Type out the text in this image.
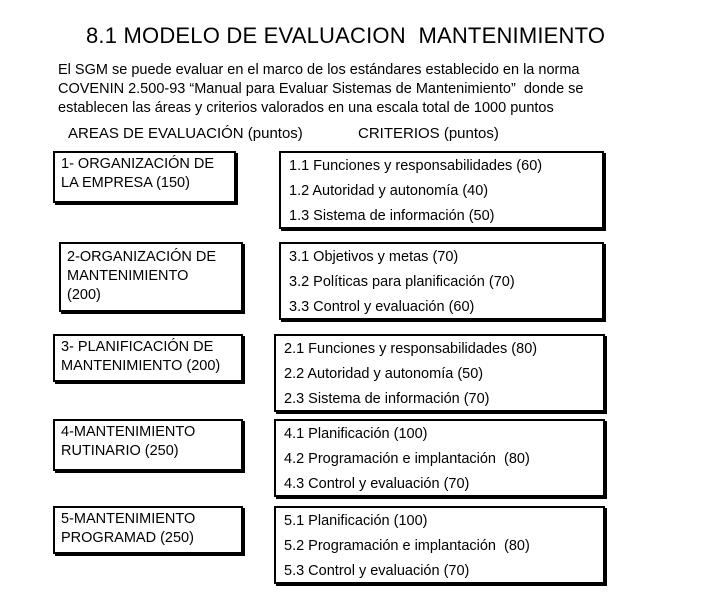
8.1 MODELO DE EVALUACION  MANTENIMIENTO
El SGM se puede evaluar en el marco de los estándares establecido en la norma
COVENIN 2.500-93 “Manual para Evaluar Sistemas de Mantenimiento”  donde se
establecen las áreas y criterios valorados en una escala total de 1000 puntos
AREAS DE EVALUACIÓN (puntos)	CRITERIOS (puntos)
1- ORGANIZACIÓN DE
LA EMPRESA (150)
1.1 Funciones y responsabilidades (60)
1.2 Autoridad y autonomía (40)
1.3 Sistema de información (50)
2-ORGANIZACIÓN DE
MANTENIMIENTO
(200)
3.1 Objetivos y metas (70)
3.2 Políticas para planificación (70)
3.3 Control y evaluación (60)
3- PLANIFICACIÓN DE
MANTENIMIENTO (200)
2.1 Funciones y responsabilidades (80)
2.2 Autoridad y autonomía (50)
2.3 Sistema de información (70)
4-MANTENIMIENTO
RUTINARIO (250)
4.1 Planificación (100)
4.2 Programación e implantación  (80)
4.3 Control y evaluación (70)
5-MANTENIMIENTO
PROGRAMAD (250)
5.1 Planificación (100)
5.2 Programación e implantación  (80)
5.3 Control y evaluación (70)
